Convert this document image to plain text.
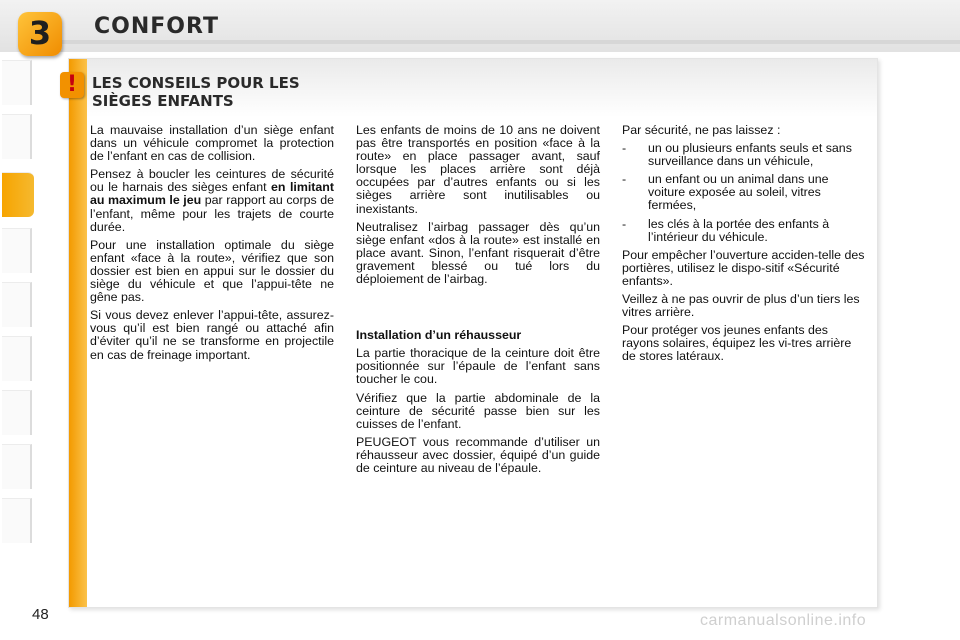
3	CONFORT
! LES CONSEILS POUR LES
SIÈGES ENFANTS

La mauvaise installation d’un siège enfant dans un véhicule compromet la protection de l’enfant en cas de collision.

Pensez à boucler les ceintures de sécurité ou le harnais des sièges enfant en limitant au maximum le jeu par rapport au corps de l’enfant, même pour les trajets de courte durée.

Pour une installation optimale du siège enfant «face à la route», vérifiez que son dossier est bien en appui sur le dossier du siège du véhicule et que l’appui-tête ne gêne pas.

Si vous devez enlever l’appui-tête, assurez-vous qu’il est bien rangé ou attaché afin d’éviter qu’il ne se transforme en projectile en cas de freinage important.

Les enfants de moins de 10 ans ne doivent pas être transportés en position «face à la route» en place passager avant, sauf lorsque les places arrière sont déjà occupées par d’autres enfants ou si les sièges arrière sont inutilisables ou inexistants.

Neutralisez l’airbag passager dès qu’un siège enfant «dos à la route» est installé en place avant. Sinon, l’enfant risquerait d’être gravement blessé ou tué lors du déploiement de l’airbag.

Installation d’un réhausseur

La partie thoracique de la ceinture doit être positionnée sur l’épaule de l’enfant sans toucher le cou.

Vérifiez que la partie abdominale de la ceinture de sécurité passe bien sur les cuisses de l’enfant.

PEUGEOT vous recommande d’utiliser un réhausseur avec dossier, équipé d’un guide de ceinture au niveau de l’épaule.

Par sécurité, ne pas laissez :

- un ou plusieurs enfants seuls et sans surveillance dans un véhicule,
- un enfant ou un animal dans une voiture exposée au soleil, vitres fermées,
- les clés à la portée des enfants à l’intérieur du véhicule.

Pour empêcher l’ouverture acciden-telle des portières, utilisez le dispo-sitif «Sécurité enfants».

Veillez à ne pas ouvrir de plus d’un tiers les vitres arrière.

Pour protéger vos jeunes enfants des rayons solaires, équipez les vi-tres arrière de stores latéraux.

48	carmanualsonline.info
